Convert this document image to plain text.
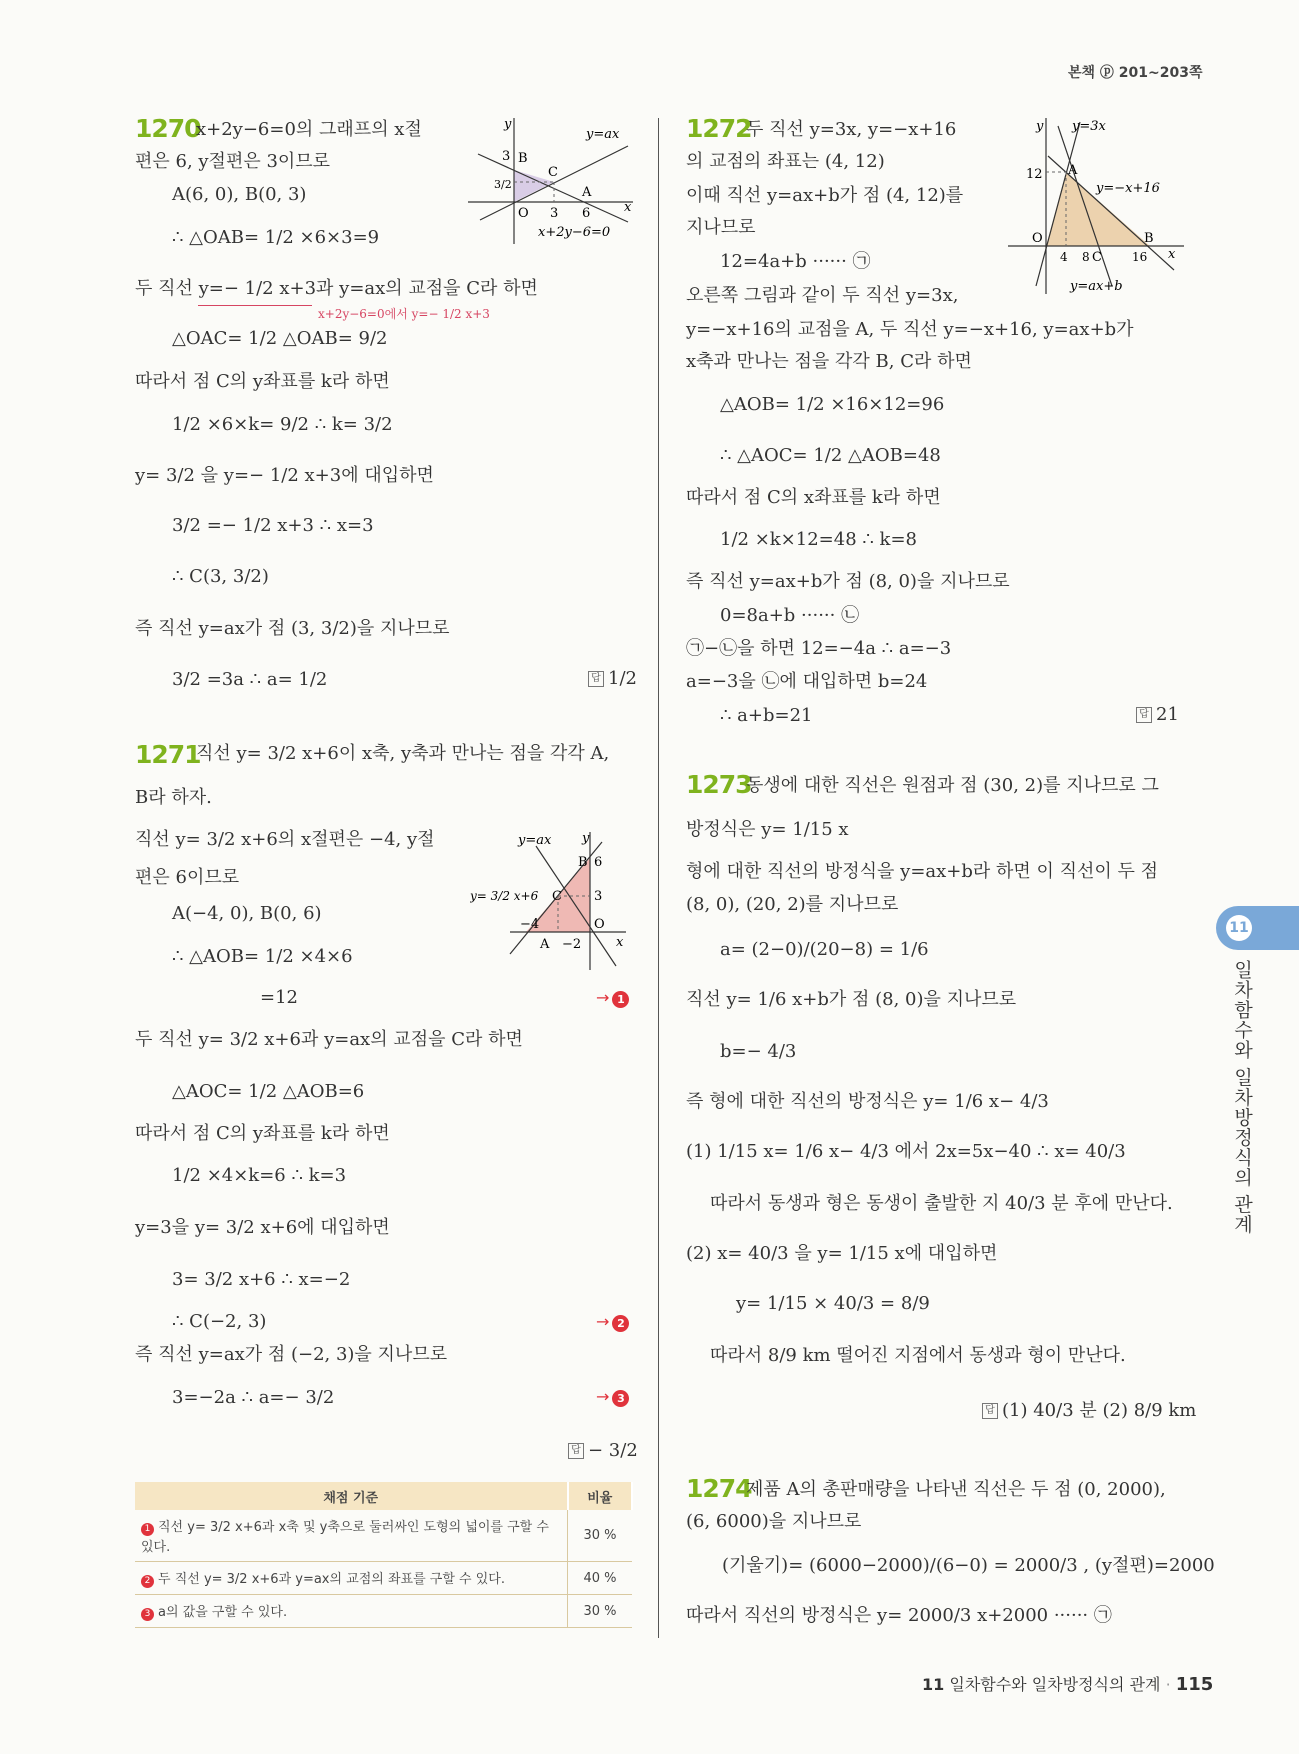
본책 ⓟ 201~203쪽
1270
x+2y−6=0의 그래프의 x절
편은 6, y절편은 3이므로
A(6, 0), B(0, 3)
∴ △OAB= 1/2 ×6×3=9
두 직선 y=− 1/2 x+3과 y=ax의 교점을 C라 하면
x+2y−6=0에서 y=− 1/2 x+3
△OAC= 1/2 △OAB= 9/2
따라서 점 C의 y좌표를 k라 하면
1/2 ×6×k= 9/2 ∴ k= 3/2
y= 3/2 을 y=− 1/2 x+3에 대입하면
3/2 =− 1/2 x+3 ∴ x=3
∴ C(3, 3/2)
즉 직선 y=ax가 점 (3, 3/2)을 지나므로
3/2 =3a ∴ a= 1/2	답 1/2
y
y=ax
3 B
C
3/2
A
O 3 6	x
x+2y−6=0
1271
직선 y= 3/2 x+6이 x축, y축과 만나는 점을 각각 A,
B라 하자.
직선 y= 3/2 x+6의 x절편은 −4, y절
편은 6이므로
A(−4, 0), B(0, 6)
∴ △AOB= 1/2 ×4×6
=12	→ 1
두 직선 y= 3/2 x+6과 y=ax의 교점을 C라 하면
△AOC= 1/2 △AOB=6
따라서 점 C의 y좌표를 k라 하면
1/2 ×4×k=6 ∴ k=3
y=3을 y= 3/2 x+6에 대입하면
3= 3/2 x+6 ∴ x=−2
∴ C(−2, 3)	→ 2
즉 직선 y=ax가 점 (−2, 3)을 지나므로
3=−2a ∴ a=− 3/2	→ 3
답 − 3/2
y=ax y
B 6
y= 3/2 x+6 C 3
−4	O
A −2	x
채점 기준	비율
1 직선 y= 3/2 x+6과 x축 및 y축으로 둘러싸인 도형의 넓이를 구할 수 있다.	30 %
2 두 직선 y= 3/2 x+6과 y=ax의 교점의 좌표를 구할 수 있다.	40 %
3 a의 값을 구할 수 있다.	30 %
1272
두 직선 y=3x, y=−x+16
의 교점의 좌표는 (4, 12)
이때 직선 y=ax+b가 점 (4, 12)를
지나므로
12=4a+b ······ ㉠
오른쪽 그림과 같이 두 직선 y=3x,
y=−x+16의 교점을 A, 두 직선 y=−x+16, y=ax+b가
x축과 만나는 점을 각각 B, C라 하면
△AOB= 1/2 ×16×12=96
∴ △AOC= 1/2 △AOB=48
따라서 점 C의 x좌표를 k라 하면
1/2 ×k×12=48 ∴ k=8
즉 직선 y=ax+b가 점 (8, 0)을 지나므로
0=8a+b ······ ㉡
㉠−㉡을 하면 12=−4a ∴ a=−3
a=−3을 ㉡에 대입하면 b=24
∴ a+b=21	답 21
y y=3x
12 A
y=−x+16
O
4 8 C	16
B
x
y=ax+b
1273
동생에 대한 직선은 원점과 점 (30, 2)를 지나므로 그
방정식은 y= 1/15 x
형에 대한 직선의 방정식을 y=ax+b라 하면 이 직선이 두 점
(8, 0), (20, 2)를 지나므로
a= (2−0)/(20−8) = 1/6
직선 y= 1/6 x+b가 점 (8, 0)을 지나므로
b=− 4/3
즉 형에 대한 직선의 방정식은 y= 1/6 x− 4/3
(1) 1/15 x= 1/6 x− 4/3 에서 2x=5x−40 ∴ x= 40/3
따라서 동생과 형은 동생이 출발한 지 40/3 분 후에 만난다.
(2) x= 40/3 을 y= 1/15 x에 대입하면
y= 1/15 × 40/3 = 8/9
따라서 8/9 km 떨어진 지점에서 동생과 형이 만난다.
답 (1) 40/3 분 (2) 8/9 km
1274
제품 A의 총판매량을 나타낸 직선은 두 점 (0, 2000),
(6, 6000)을 지나므로
(기울기)= (6000−2000)/(6−0) = 2000/3 , (y절편)=2000
따라서 직선의 방정식은 y= 2000/3 x+2000 ······ ㉠
11
일차함수와 일차방정식의 관계
11 일차함수와 일차방정식의 관계 · 115
